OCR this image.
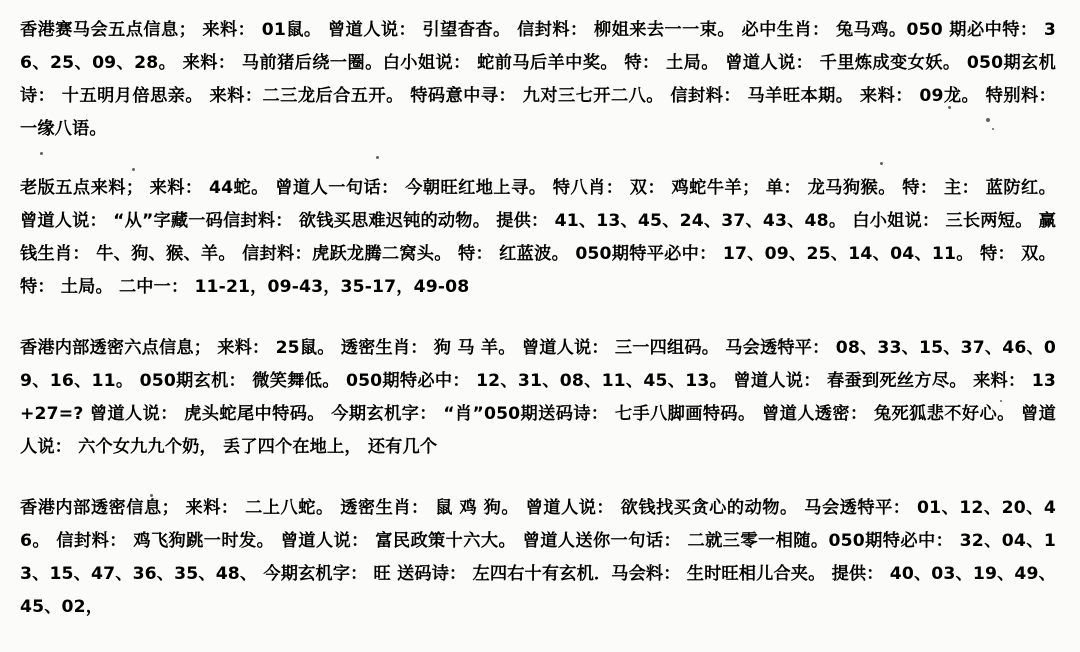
香港赛马会五点信息； 来料： 01鼠。 曾道人说： 引望杳杳。 信封料： 柳姐来去一一束。 必中生肖： 兔马鸡。050 期必中特： 36、25、09、28。 来料： 马前猪后绕一圈。白小姐说： 蛇前马后羊中奖。 特： 土局。 曾道人说： 千里炼成变女妖。 050期玄机诗： 十五明月倍思亲。 来料：二三龙后合五开。 特码意中寻： 九对三七开二八。 信封料： 马羊旺本期。 来料： 09龙。 特别料： 一缘八语。

老版五点来料； 来料： 44蛇。 曾道人一句话： 今朝旺红地上寻。 特八肖： 双： 鸡蛇牛羊； 单： 龙马狗猴。 特： 主： 蓝防红。 曾道人说： “从”字藏一码信封料： 欲钱买思难迟钝的动物。 提供： 41、13、45、24、37、43、48。 白小姐说： 三长两短。 赢钱生肖： 牛、狗、猴、羊。 信封料：虎跃龙腾二窝头。 特： 红蓝波。 050期特平必中： 17、09、25、14、04、11。 特： 双。 特： 土局。 二中一： 11-21，09-43，35-17，49-08

香港内部透密六点信息； 来料： 25鼠。 透密生肖： 狗 马 羊。 曾道人说： 三一四组码。 马会透特平： 08、33、15、37、46、09、16、11。 050期玄机： 微笑舞低。 050期特必中： 12、31、08、11、45、13。 曾道人说： 春蚕到死丝方尽。 来料： 13+27=? 曾道人说： 虎头蛇尾中特码。 今期玄机字： “肖”050期送码诗： 七手八脚画特码。 曾道人透密： 兔死狐悲不好心。 曾道人说： 六个女九九个奶， 丢了四个在地上， 还有几个

香港内部透密信息； 来料： 二上八蛇。 透密生肖： 鼠 鸡 狗。 曾道人说： 欲钱找买贪心的动物。 马会透特平： 01、12、20、46。 信封料： 鸡飞狗跳一时发。 曾道人说： 富民政策十六大。 曾道人送你一句话： 二就三零一相随。050期特必中： 32、04、13、15、47、36、35、48、 今期玄机字： 旺 送码诗： 左四右十有玄机．马会料： 生时旺相儿合夹。 提供： 40、03、19、49、45、02，
